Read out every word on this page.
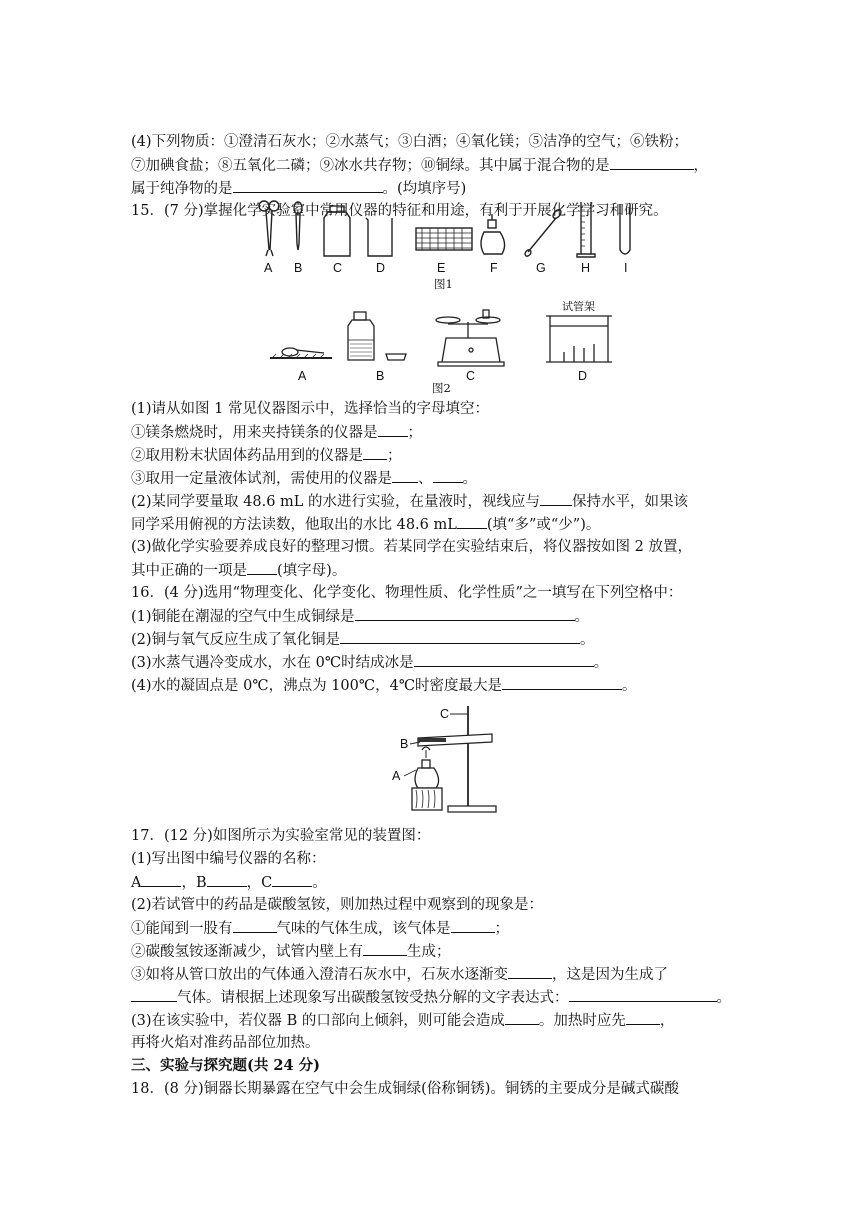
(4)下列物质：①澄清石灰水；②水蒸气；③白酒；④氧化镁；⑤洁净的空气；⑥铁粉；
⑦加碘食盐；⑧五氧化二磷；⑨冰水共存物；⑩铜绿。其中属于混合物的是	，
属于纯净物的是	。(均填序号)
15．(7 分)掌握化学实验室中常用仪器的特征和用途，有利于开展化学学习和研究。
A B C	D	E	F	G	H	I
图1
A	B	C	D
试管架
图2
(1)请从如图 1 常见仪器图示中，选择恰当的字母填空：
①镁条燃烧时，用来夹持镁条的仪器是 ；
②取用粉末状固体药品用到的仪器是 ；
③取用一定量液体试剂，需使用的仪器是 、 。
(2)某同学要量取 48.6 mL 的水进行实验，在量液时，视线应与 保持水平，如果该
同学采用俯视的方法读数，他取出的水比 48.6 mL (填“多”或“少”)。
(3)做化学实验要养成良好的整理习惯。若某同学在实验结束后，将仪器按如图 2 放置，
其中正确的一项是 (填字母)。
16．(4 分)选用“物理变化、化学变化、物理性质、化学性质”之一填写在下列空格中：
(1)铜能在潮湿的空气中生成铜绿是	。
(2)铜与氧气反应生成了氧化铜是	。
(3)水蒸气遇冷变成水，水在 0℃时结成冰是	。
(4)水的凝固点是 0℃，沸点为 100℃，4℃时密度最大是	。
C
B
A
17．(12 分)如图所示为实验室常见的装置图：
(1)写出图中编号仪器的名称：
A	，B	，C	。
(2)若试管中的药品是碳酸氢铵，则加热过程中观察到的现象是：
①能闻到一股有	气味的气体生成，该气体是	；
②碳酸氢铵逐渐减少，试管内壁上有	生成；
③如将从管口放出的气体通入澄清石灰水中，石灰水逐渐变	，这是因为生成了
气体。请根据上述现象写出碳酸氢铵受热分解的文字表达式：	。
(3)在该实验中，若仪器 B 的口部向上倾斜，则可能会造成 。加热时应先 ，
再将火焰对准药品部位加热。
三、实验与探究题(共 24 分)
18．(8 分)铜器长期暴露在空气中会生成铜绿(俗称铜锈)。铜锈的主要成分是碱式碳酸
